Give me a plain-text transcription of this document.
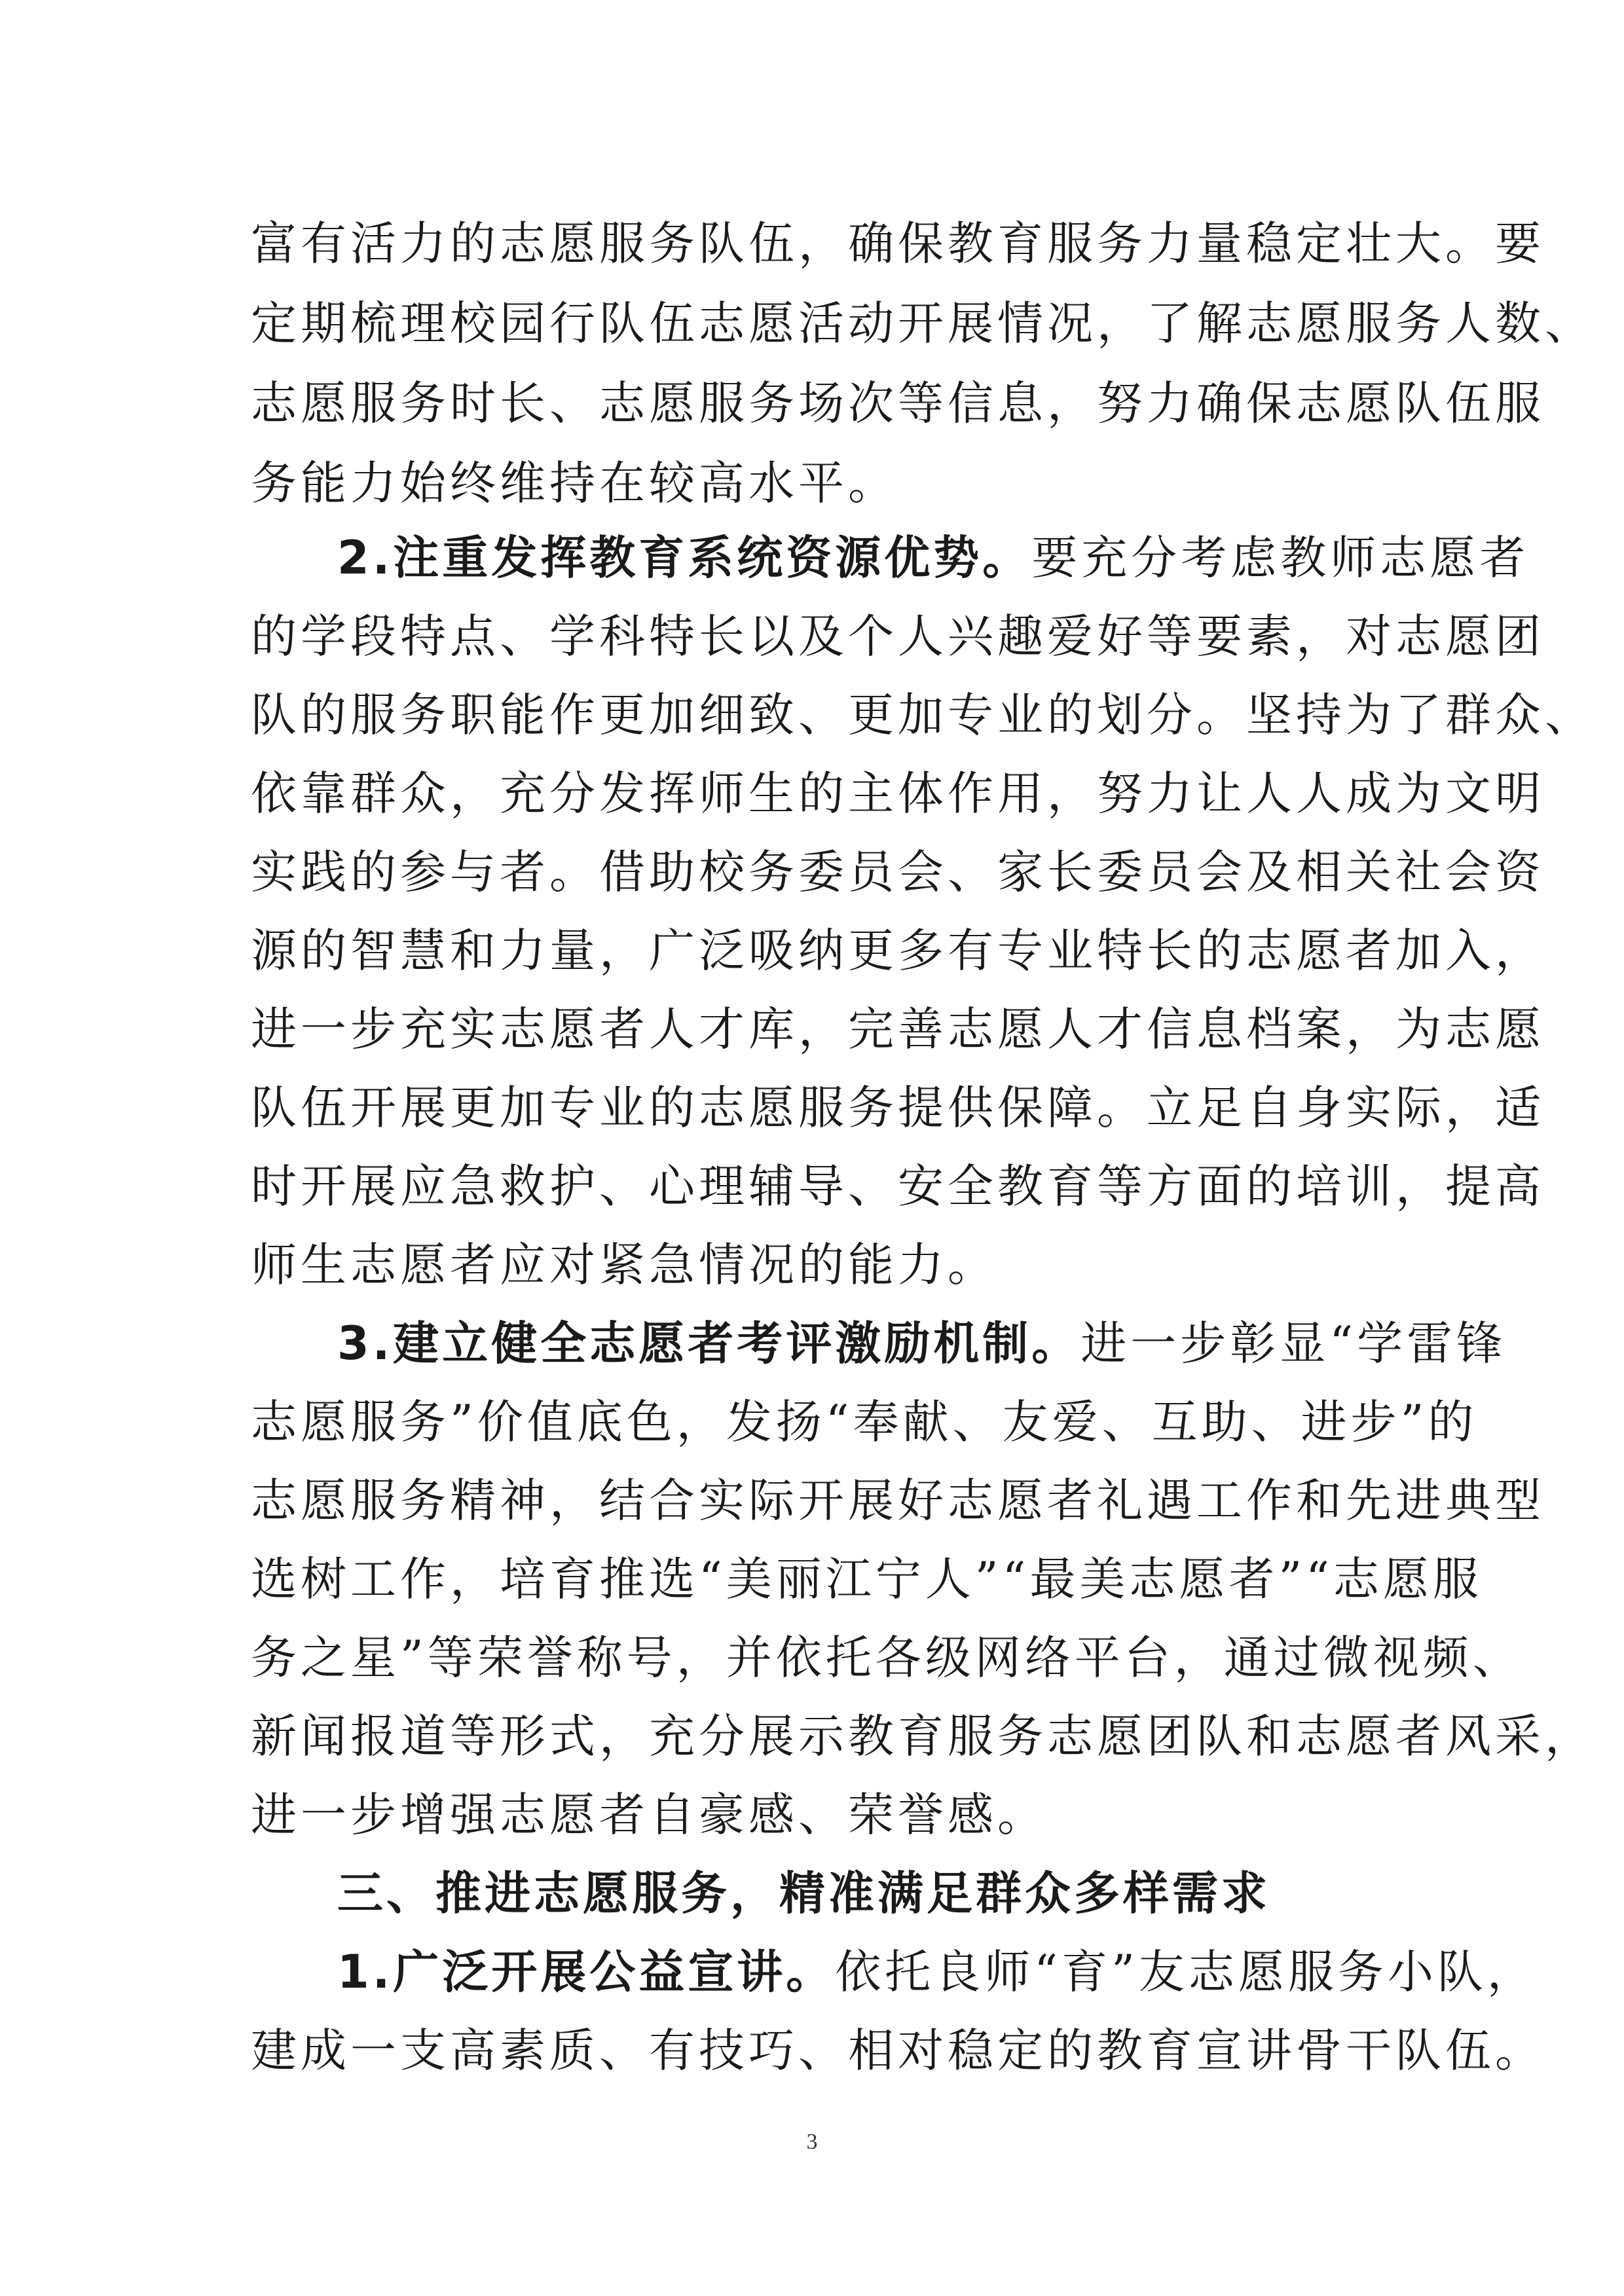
富有活力的志愿服务队伍，确保教育服务力量稳定壮大。要
定期梳理校园行队伍志愿活动开展情况，了解志愿服务人数、
志愿服务时长、志愿服务场次等信息，努力确保志愿队伍服
务能力始终维持在较高水平。
2.注重发挥教育系统资源优势。要充分考虑教师志愿者
的学段特点、学科特长以及个人兴趣爱好等要素，对志愿团
队的服务职能作更加细致、更加专业的划分。坚持为了群众、
依靠群众，充分发挥师生的主体作用，努力让人人成为文明
实践的参与者。借助校务委员会、家长委员会及相关社会资
源的智慧和力量，广泛吸纳更多有专业特长的志愿者加入，
进一步充实志愿者人才库，完善志愿人才信息档案，为志愿
队伍开展更加专业的志愿服务提供保障。立足自身实际，适
时开展应急救护、心理辅导、安全教育等方面的培训，提高
师生志愿者应对紧急情况的能力。
3.建立健全志愿者考评激励机制。进一步彰显“学雷锋
志愿服务”价值底色，发扬“奉献、友爱、互助、进步”的
志愿服务精神，结合实际开展好志愿者礼遇工作和先进典型
选树工作，培育推选“美丽江宁人”“最美志愿者”“志愿服
务之星”等荣誉称号，并依托各级网络平台，通过微视频、
新闻报道等形式，充分展示教育服务志愿团队和志愿者风采，
进一步增强志愿者自豪感、荣誉感。
三、推进志愿服务，精准满足群众多样需求
1.广泛开展公益宣讲。依托良师“育”友志愿服务小队，
建成一支高素质、有技巧、相对稳定的教育宣讲骨干队伍。
3
